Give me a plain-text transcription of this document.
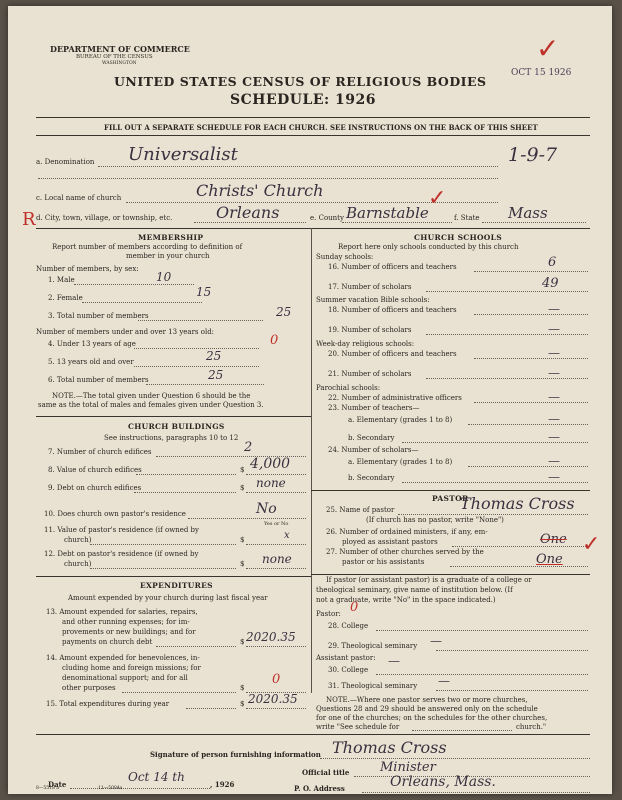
DEPARTMENT OF COMMERCE
BUREAU OF THE CENSUS
WASHINGTON	✓
OCT 15 1926
UNITED STATES CENSUS OF RELIGIOUS BODIES
SCHEDULE: 1926
FILL OUT A SEPARATE SCHEDULE FOR EACH CHURCH. SEE INSTRUCTIONS ON THE BACK OF THIS SHEET
a. Denomination Universalist	1-9-7
c. Local name of church	Christs' Church
R d. City, town, village, or township, etc.	Orleans	e. County Barnstable
✓
f. State Mass
MEMBERSHIP
Report number of members according to definition of
member in your church
Number of members, by sex:
1. Male	10
2. Female	15
3. Total number of members	25
Number of members under and over 13 years old:
4. Under 13 years of age	0
5. 13 years old and over	25
6. Total number of members	25
NOTE.—The total given under Question 6 should be the
same as the total of males and females given under Question 3.
CHURCH BUILDINGS
See instructions, paragraphs 10 to 12
7. Number of church edifices	2
8. Value of church edifices	$ 4,000
9. Debt on church edifices	$ none
10. Does church own pastor's residence	No
Yes or No
11. Value of pastor's residence (if owned by
church)	$	x
12. Debt on pastor's residence (if owned by
church)	$ none
EXPENDITURES
Amount expended by your church during last fiscal year
13. Amount expended for salaries, repairs,
and other running expenses; for im-
provements or new buildings; and for
payments on church debt	$ 2020.35
14. Amount expended for benevolences, in-
cluding home and foreign missions; for
denominational support; and for all
other purposes	$
0
15. Total expenditures during year	$ 2020.35
CHURCH SCHOOLS
Report here only schools conducted by this church
Sunday schools:
16. Number of officers and teachers	6
17. Number of scholars	49
Summer vacation Bible schools:
18. Number of officers and teachers	—
19. Number of scholars	—
Week-day religious schools:
20. Number of officers and teachers	—
21. Number of scholars	—
Parochial schools:
22. Number of administrative officers	—
23. Number of teachers—
a. Elementary (grades 1 to 8)	—
b. Secondary	—
24. Number of scholars—
a. Elementary (grades 1 to 8)	—
b. Secondary	—
PASTOR
25. Name of pastor	Thomas Cross
(If church has no pastor, write "None")
26. Number of ordained ministers, if any, em-
ployed as assistant pastors	One
27. Number of other churches served by the
pastor or his assistants	One
✓
If pastor (or assistant pastor) is a graduate of a college or
theological seminary, give name of institution below. (If
not a graduate, write "No" in the space indicated.)
Pastor: 0
28. College
29. Theological seminary —
Assistant pastor:
30. College
—
31. Theological seminary —
NOTE.—Where one pastor serves two or more churches,
Questions 28 and 29 should be answered only on the schedule
for one of the churches; on the schedules for the other churches,
write "See schedule for	church."
Signature of person furnishing information Thomas Cross
Official title Minister
Date
Oct 14 th
, 1926	P. O. Address	Orleans, Mass.
8—5518 a	11—5084a
